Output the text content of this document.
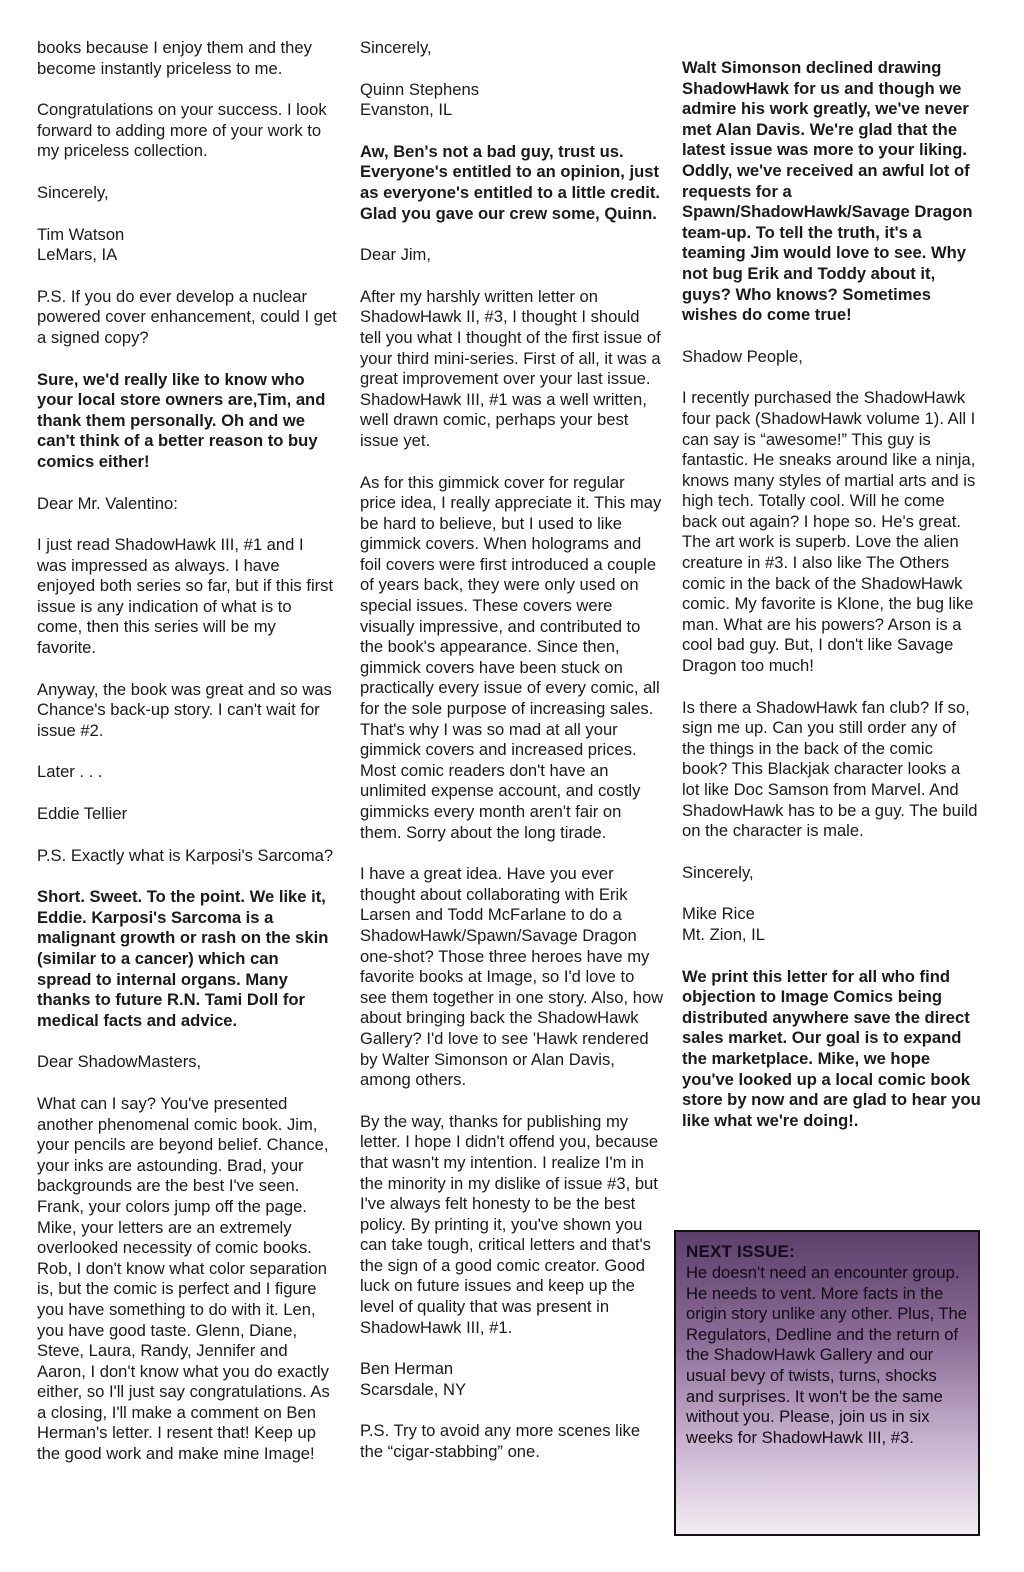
books because I enjoy them and they become instantly priceless to me.

Congratulations on your success. I look forward to adding more of your work to my priceless collection.

Sincerely,

Tim Watson
LeMars, IA

P.S. If you do ever develop a nuclear powered cover enhancement, could I get a signed copy?

Sure, we'd really like to know who your local store owners are,Tim, and thank them personally. Oh and we can't think of a better reason to buy comics either!

Dear Mr. Valentino:

I just read ShadowHawk III, #1 and I was impressed as always. I have enjoyed both series so far, but if this first issue is any indication of what is to come, then this series will be my favorite.

Anyway, the book was great and so was Chance's back-up story. I can't wait for issue #2.

Later . . .

Eddie Tellier

P.S. Exactly what is Karposi's Sarcoma?

Short. Sweet. To the point. We like it, Eddie. Karposi's Sarcoma is a malignant growth or rash on the skin (similar to a cancer) which can spread to internal organs. Many thanks to future R.N. Tami Doll for medical facts and advice.

Dear ShadowMasters,

What can I say? You've presented another phenomenal comic book. Jim, your pencils are beyond belief. Chance, your inks are astounding. Brad, your backgrounds are the best I've seen. Frank, your colors jump off the page. Mike, your letters are an extremely overlooked necessity of comic books. Rob, I don't know what color separation is, but the comic is perfect and I figure you have something to do with it. Len, you have good taste. Glenn, Diane, Steve, Laura, Randy, Jennifer and Aaron, I don't know what you do exactly either, so I'll just say congratulations. As a closing, I'll make a comment on Ben Herman's letter. I resent that! Keep up the good work and make mine Image!

Sincerely,

Quinn Stephens
Evanston, IL

Aw, Ben's not a bad guy, trust us. Everyone's entitled to an opinion, just as everyone's entitled to a little credit. Glad you gave our crew some, Quinn.

Dear Jim,

After my harshly written letter on ShadowHawk II, #3, I thought I should tell you what I thought of the first issue of your third mini-series. First of all, it was a great improvement over your last issue. ShadowHawk III, #1 was a well written, well drawn comic, perhaps your best issue yet.

As for this gimmick cover for regular price idea, I really appreciate it. This may be hard to believe, but I used to like gimmick covers. When holograms and foil covers were first introduced a couple of years back, they were only used on special issues. These covers were visually impressive, and contributed to the book's appearance. Since then, gimmick covers have been stuck on practically every issue of every comic, all for the sole purpose of increasing sales. That's why I was so mad at all your gimmick covers and increased prices. Most comic readers don't have an unlimited expense account, and costly gimmicks every month aren't fair on them. Sorry about the long tirade.

I have a great idea. Have you ever thought about collaborating with Erik Larsen and Todd McFarlane to do a ShadowHawk/Spawn/Savage Dragon one-shot? Those three heroes have my favorite books at Image, so I'd love to see them together in one story. Also, how about bringing back the ShadowHawk Gallery? I'd love to see 'Hawk rendered by Walter Simonson or Alan Davis, among others.

By the way, thanks for publishing my letter. I hope I didn't offend you, because that wasn't my intention. I realize I'm in the minority in my dislike of issue #3, but I've always felt honesty to be the best policy. By printing it, you've shown you can take tough, critical letters and that's the sign of a good comic creator. Good luck on future issues and keep up the level of quality that was present in ShadowHawk III, #1.

Ben Herman
Scarsdale, NY

P.S. Try to avoid any more scenes like the “cigar-stabbing” one.

Walt Simonson declined drawing ShadowHawk for us and though we admire his work greatly, we've never met Alan Davis. We're glad that the latest issue was more to your liking. Oddly, we've received an awful lot of requests for a Spawn/ShadowHawk/Savage Dragon team-up. To tell the truth, it's a teaming Jim would love to see. Why not bug Erik and Toddy about it, guys? Who knows? Sometimes wishes do come true!

Shadow People,

I recently purchased the ShadowHawk four pack (ShadowHawk volume 1). All I can say is “awesome!” This guy is fantastic. He sneaks around like a ninja, knows many styles of martial arts and is high tech. Totally cool. Will he come back out again? I hope so. He's great. The art work is superb. Love the alien creature in #3. I also like The Others comic in the back of the ShadowHawk comic. My favorite is Klone, the bug like man. What are his powers? Arson is a cool bad guy. But, I don't like Savage Dragon too much!

Is there a ShadowHawk fan club? If so, sign me up. Can you still order any of the things in the back of the comic book? This Blackjak character looks a lot like Doc Samson from Marvel. And ShadowHawk has to be a guy. The build on the character is male.

Sincerely,

Mike Rice
Mt. Zion, IL

We print this letter for all who find objection to Image Comics being distributed anywhere save the direct sales market. Our goal is to expand the marketplace. Mike, we hope you've looked up a local comic book store by now and are glad to hear you like what we're doing!.

NEXT ISSUE:

He doesn't need an encounter group. He needs to vent. More facts in the origin story unlike any other. Plus, The Regulators, Dedline and the return of the ShadowHawk Gallery and our usual bevy of twists, turns, shocks and surprises. It won't be the same without you. Please, join us in six weeks for ShadowHawk III, #3.
